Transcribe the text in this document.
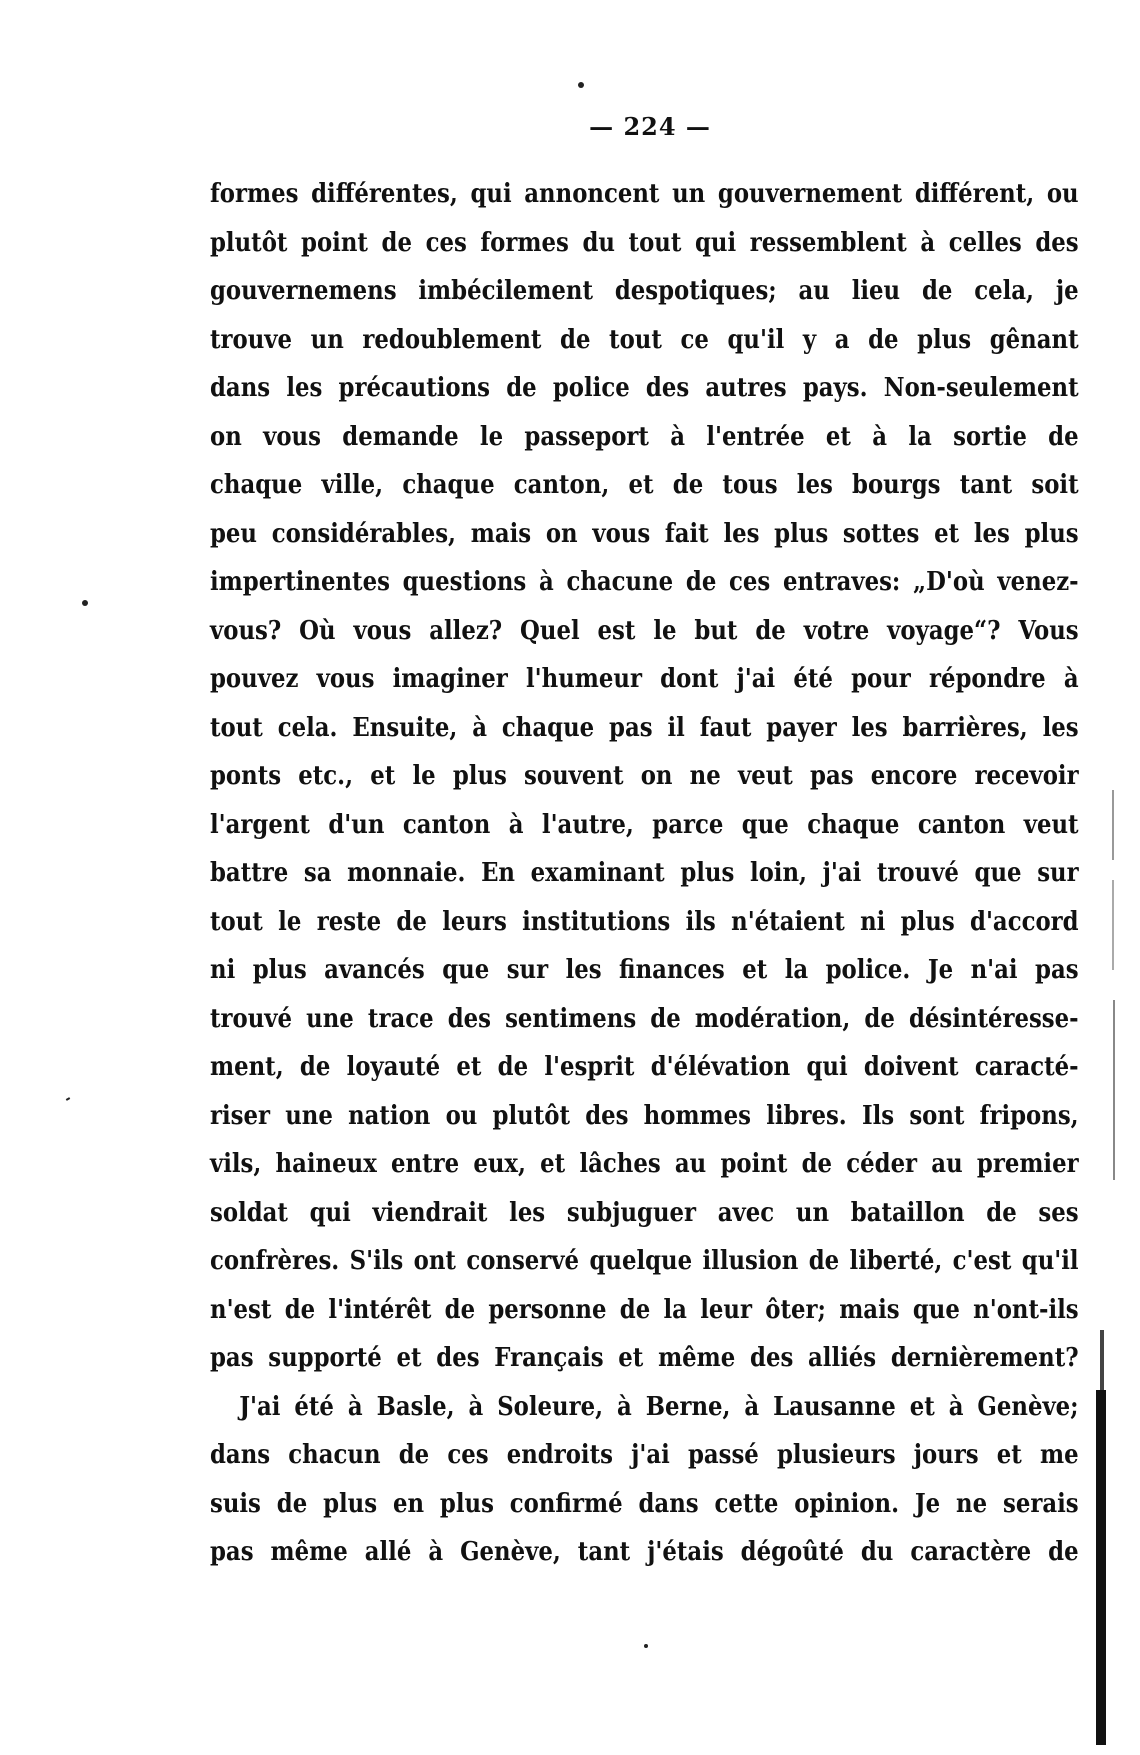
— 224 —
formes différentes, qui annoncent un gouvernement différent, ou
plutôt point de ces formes du tout qui ressemblent à celles des
gouvernemens imbécilement despotiques; au lieu de cela, je
trouve un redoublement de tout ce qu'il y a de plus gênant
dans les précautions de police des autres pays. Non-seulement
on vous demande le passeport à l'entrée et à la sortie de
chaque ville, chaque canton, et de tous les bourgs tant soit
peu considérables, mais on vous fait les plus sottes et les plus
impertinentes questions à chacune de ces entraves: „D'où venez-
vous? Où vous allez? Quel est le but de votre voyage“? Vous
pouvez vous imaginer l'humeur dont j'ai été pour répondre à
tout cela. Ensuite, à chaque pas il faut payer les barrières, les
ponts etc., et le plus souvent on ne veut pas encore recevoir
l'argent d'un canton à l'autre, parce que chaque canton veut
battre sa monnaie. En examinant plus loin, j'ai trouvé que sur
tout le reste de leurs institutions ils n'étaient ni plus d'accord
ni plus avancés que sur les finances et la police. Je n'ai pas
trouvé une trace des sentimens de modération, de désintéresse-
ment, de loyauté et de l'esprit d'élévation qui doivent caracté-
riser une nation ou plutôt des hommes libres. Ils sont fripons,
vils, haineux entre eux, et lâches au point de céder au premier
soldat qui viendrait les subjuguer avec un bataillon de ses
confrères. S'ils ont conservé quelque illusion de liberté, c'est qu'il
n'est de l'intérêt de personne de la leur ôter; mais que n'ont-ils
pas supporté et des Français et même des alliés dernièrement?
J'ai été à Basle, à Soleure, à Berne, à Lausanne et à Genève;
dans chacun de ces endroits j'ai passé plusieurs jours et me
suis de plus en plus confirmé dans cette opinion. Je ne serais
pas même allé à Genève, tant j'étais dégoûté du caractère de
